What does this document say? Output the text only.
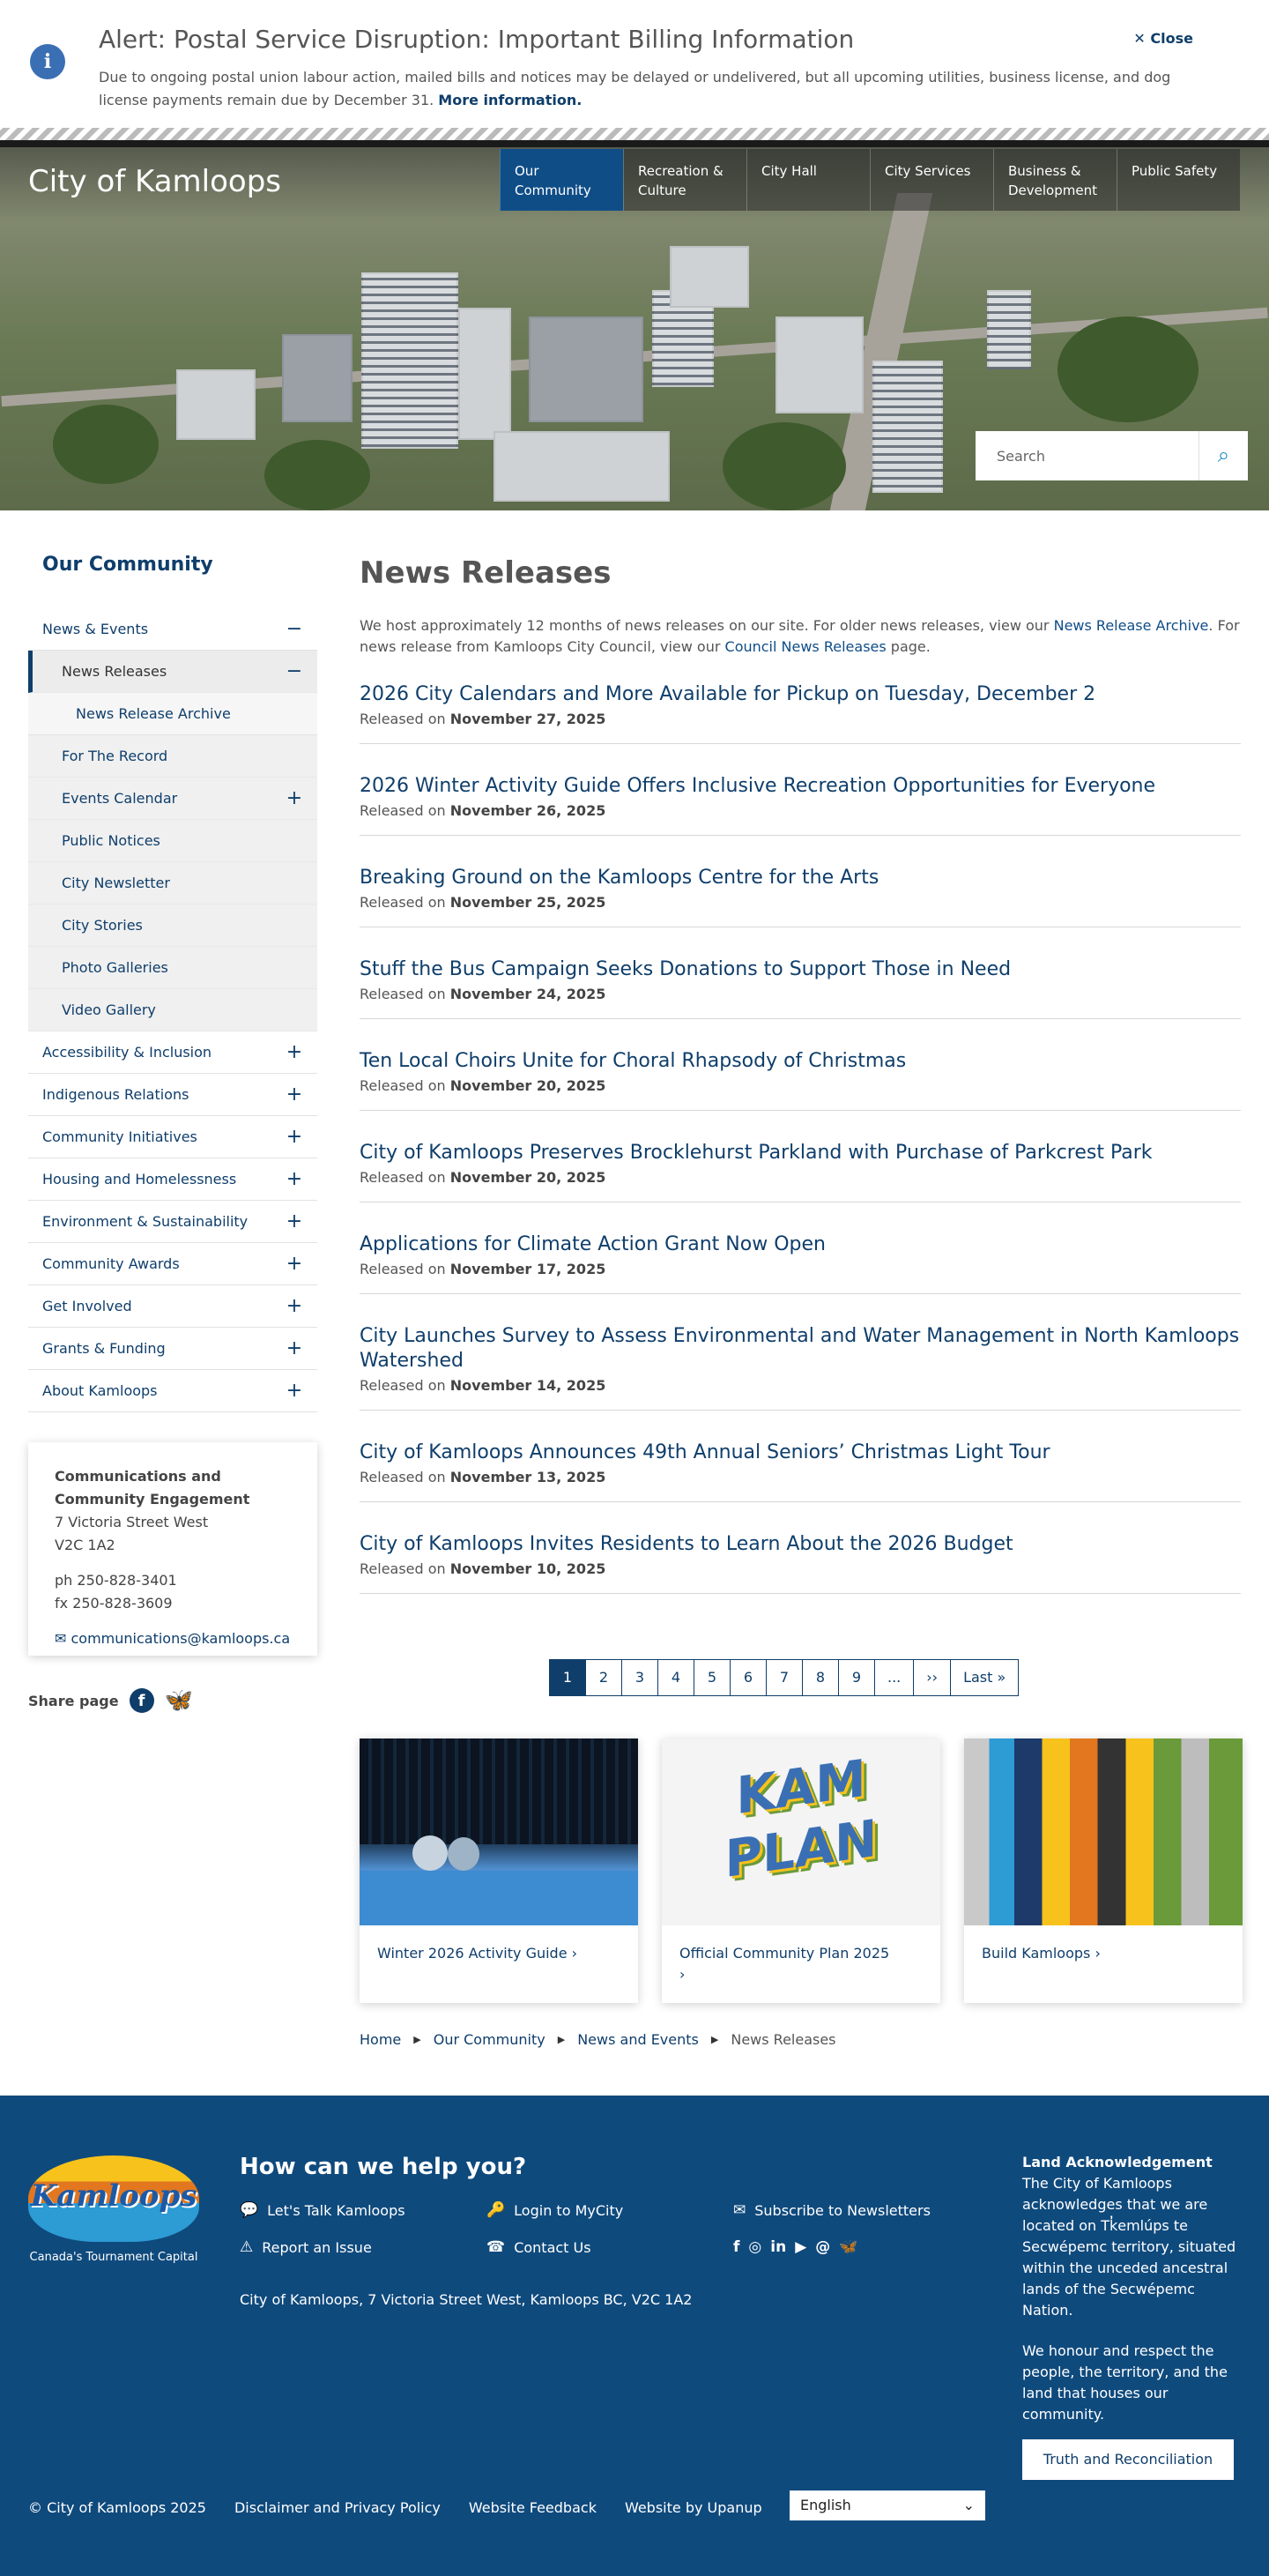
i
Alert: Postal Service Disruption: Important Billing Information

Due to ongoing postal union labour action, mailed bills and notices may be delayed or undelivered, but all upcoming utilities, business license, and dog license payments remain due by December 31. More information.

✕ Close
City of Kamloops	Our Community
Recreation & Culture
City Hall	City Services	Business & Development
Public Safety
Search
⌕
Our Community
News & Events	−
News Releases	−
News Release Archive
For The Record
Events Calendar	+
Public Notices
City Newsletter
City Stories
Photo Galleries
Video Gallery
Accessibility & Inclusion	+
Indigenous Relations	+
Community Initiatives	+
Housing and Homelessness	+
Environment & Sustainability +
Community Awards	+
Get Involved	+
Grants & Funding	+
About Kamloops	+
Communications and Community Engagement
7 Victoria Street West
V2C 1A2
ph 250-828-3401
fx 250-828-3609
✉ communications@kamloops.ca
Share page	f 🦋
News Releases

We host approximately 12 months of news releases on our site. For older news releases, view our News Release Archive. For news release from Kamloops City Council, view our Council News Releases page.

2026 City Calendars and More Available for Pickup on Tuesday, December 2
Released on November 27, 2025
2026 Winter Activity Guide Offers Inclusive Recreation Opportunities for Everyone
Released on November 26, 2025
Breaking Ground on the Kamloops Centre for the Arts
Released on November 25, 2025
Stuff the Bus Campaign Seeks Donations to Support Those in Need
Released on November 24, 2025
Ten Local Choirs Unite for Choral Rhapsody of Christmas
Released on November 20, 2025
City of Kamloops Preserves Brocklehurst Parkland with Purchase of Parkcrest Park
Released on November 20, 2025
Applications for Climate Action Grant Now Open
Released on November 17, 2025
City Launches Survey to Assess Environmental and Water Management in North Kamloops Watershed
Released on November 14, 2025
City of Kamloops Announces 49th Annual Seniors’ Christmas Light Tour
Released on November 13, 2025
City of Kamloops Invites Residents to Learn About the 2026 Budget
Released on November 10, 2025
1	2	3	4	5	6	7	8	9	...	››	Last »
Winter 2026 Activity Guide ›
KAM
PLAN
Official Community Plan 2025
›
Build Kamloops ›
Home ▶ Our Community ▶ News and Events ▶ News Releases
Kamloops
Canada's Tournament Capital
How can we help you?
💬 Let's Talk Kamloops	🔑 Login to MyCity	✉ Subscribe to Newsletters
⚠ Report an Issue	☎ Contact Us	f ◎ in ▶ @ 🦋
City of Kamloops, 7 Victoria Street West, Kamloops BC, V2C 1A2
Land Acknowledgement

The City of Kamloops acknowledges that we are located on Tk̓emlúps te Secwépemc territory, situated within the unceded ancestral lands of the Secwépemc Nation.

We honour and respect the people, the territory, and the land that houses our community.

Truth and Reconciliation
© City of Kamloops 2025 Disclaimer and Privacy Policy Website Feedback Website by Upanup	English	⌄
